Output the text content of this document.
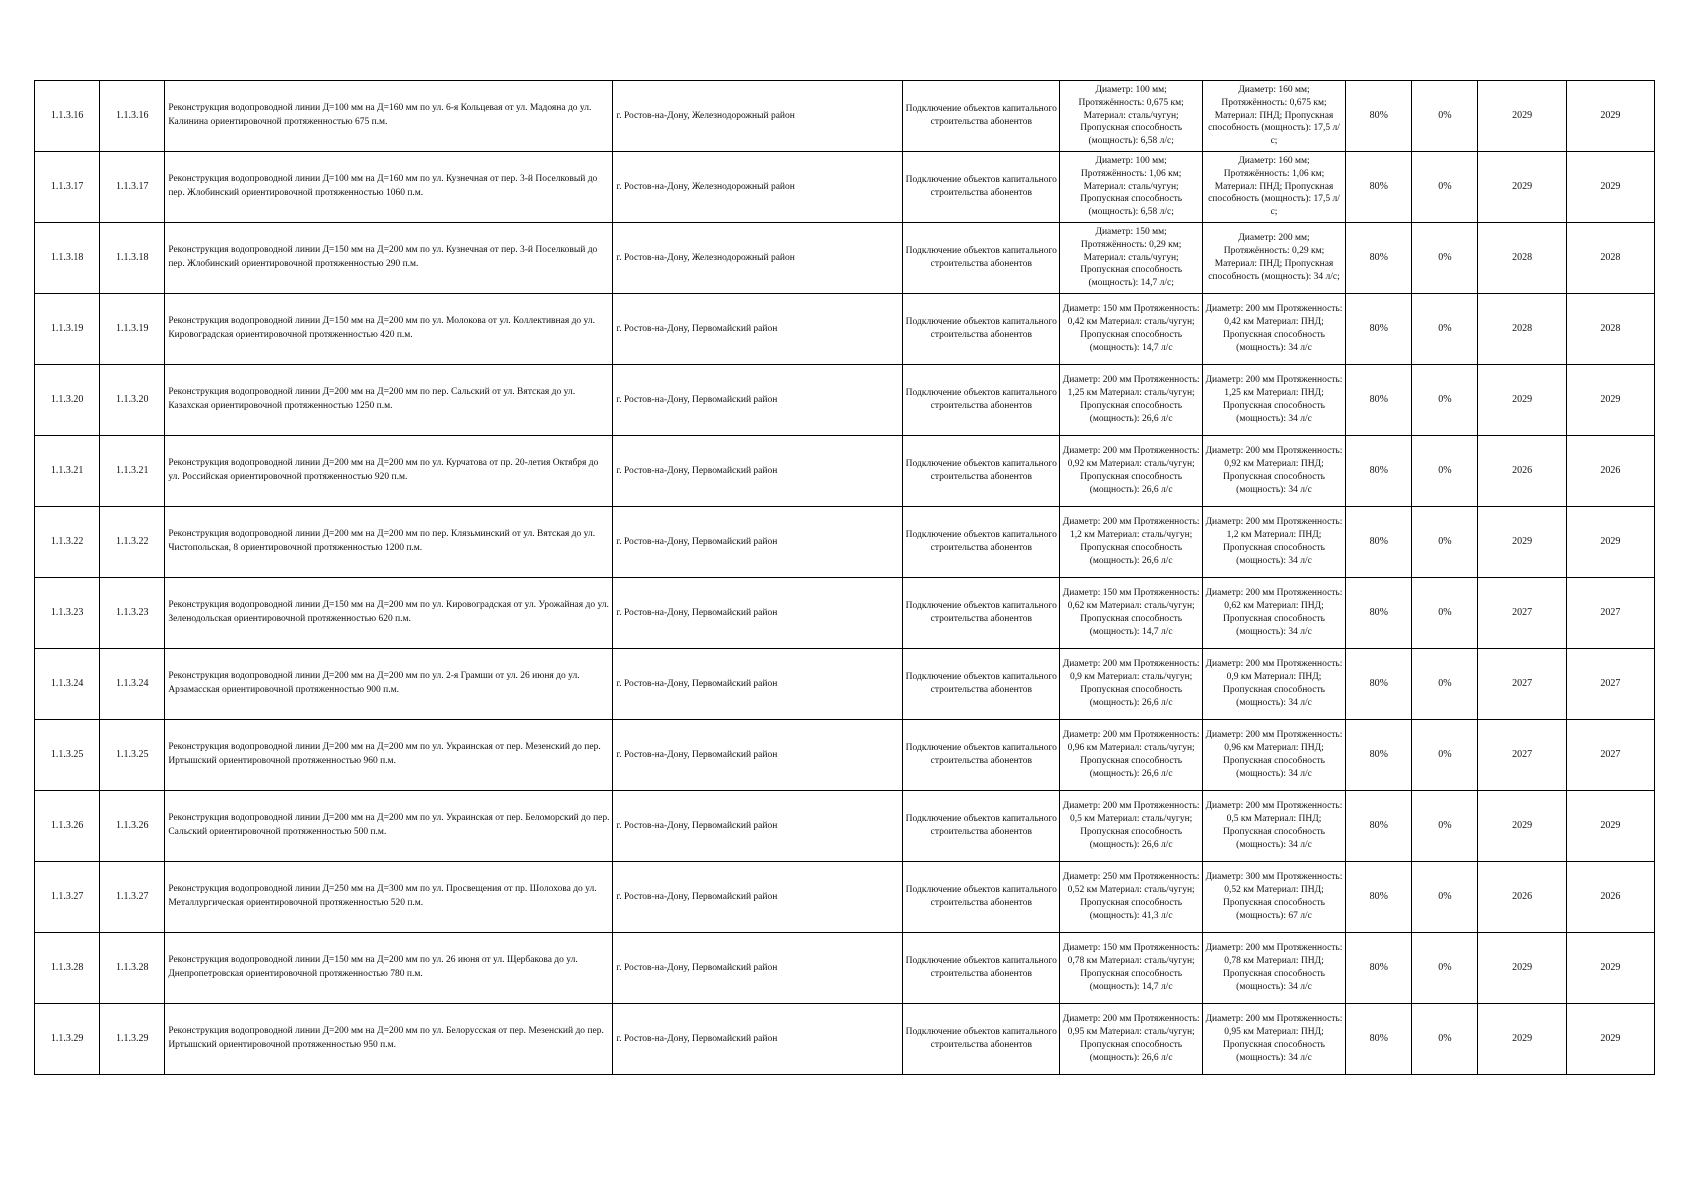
1.1.3.16	1.1.3.16	Реконструкция водопроводной линии Д=100 мм на Д=160 мм по ул. 6-я Кольцевая от ул. Мадояна до ул. Калинина ориентировочной протяженностью 675 п.м.	г. Ростов-на-Дону, Железнодорожный район	Подключение объектов капитального строительства абонентов	Диаметр: 100 мм; Протяжённость: 0,675 км; Материал: сталь/чугун; Пропускная способность (мощность): 6,58 л/с;	Диаметр: 160 мм; Протяжённость: 0,675 км; Материал: ПНД; Пропускная способность (мощность): 17,5 л/с;	80%	0%	2029	2029
1.1.3.17	1.1.3.17	Реконструкция водопроводной линии Д=100 мм на Д=160 мм по ул. Кузнечная от пер. 3-й Поселковый до пер. Жлобинский ориентировочной протяженностью 1060 п.м.	г. Ростов-на-Дону, Железнодорожный район	Подключение объектов капитального строительства абонентов	Диаметр: 100 мм; Протяжённость: 1,06 км; Материал: сталь/чугун; Пропускная способность (мощность): 6,58 л/с;	Диаметр: 160 мм; Протяжённость: 1,06 км; Материал: ПНД; Пропускная способность (мощность): 17,5 л/с;	80%	0%	2029	2029
1.1.3.18	1.1.3.18	Реконструкция водопроводной линии Д=150 мм на Д=200 мм по ул. Кузнечная от пер. 3-й Поселковый до пер. Жлобинский ориентировочной протяженностью 290 п.м.	г. Ростов-на-Дону, Железнодорожный район	Подключение объектов капитального строительства абонентов	Диаметр: 150 мм; Протяжённость: 0,29 км; Материал: сталь/чугун; Пропускная способность (мощность): 14,7 л/с;	Диаметр: 200 мм; Протяжённость: 0,29 км; Материал: ПНД; Пропускная способность (мощность): 34 л/с;	80%	0%	2028	2028
1.1.3.19	1.1.3.19	Реконструкция водопроводной линии Д=150 мм на Д=200 мм по ул. Молокова от ул. Коллективная до ул. Кировоградская ориентировочной протяженностью 420 п.м.	г. Ростов-на-Дону, Первомайский район	Подключение объектов капитального строительства абонентов	Диаметр: 150 мм Протяженность: 0,42 км Материал: сталь/чугун; Пропускная способность (мощность): 14,7 л/с	Диаметр: 200 мм Протяженность: 0,42 км Материал: ПНД; Пропускная способность (мощность): 34 л/с	80%	0%	2028	2028
1.1.3.20	1.1.3.20	Реконструкция водопроводной линии Д=200 мм на Д=200 мм по пер. Сальский от ул. Вятская до ул. Казахская ориентировочной протяженностью 1250 п.м.	г. Ростов-на-Дону, Первомайский район	Подключение объектов капитального строительства абонентов	Диаметр: 200 мм Протяженность: 1,25 км Материал: сталь/чугун; Пропускная способность (мощность): 26,6 л/с	Диаметр: 200 мм Протяженность: 1,25 км Материал: ПНД; Пропускная способность (мощность): 34 л/с	80%	0%	2029	2029
1.1.3.21	1.1.3.21	Реконструкция водопроводной линии Д=200 мм на Д=200 мм по ул. Курчатова от пр. 20-летия Октября до ул. Российская ориентировочной протяженностью 920 п.м.	г. Ростов-на-Дону, Первомайский район	Подключение объектов капитального строительства абонентов	Диаметр: 200 мм Протяженность: 0,92 км Материал: сталь/чугун; Пропускная способность (мощность): 26,6 л/с	Диаметр: 200 мм Протяженность: 0,92 км Материал: ПНД; Пропускная способность (мощность): 34 л/с	80%	0%	2026	2026
1.1.3.22	1.1.3.22	Реконструкция водопроводной линии Д=200 мм на Д=200 мм по пер. Клязьминский от ул. Вятская до ул. Чистопольская, 8 ориентировочной протяженностью 1200 п.м.	г. Ростов-на-Дону, Первомайский район	Подключение объектов капитального строительства абонентов	Диаметр: 200 мм Протяженность: 1,2 км Материал: сталь/чугун; Пропускная способность (мощность): 26,6 л/с	Диаметр: 200 мм Протяженность: 1,2 км Материал: ПНД; Пропускная способность (мощность): 34 л/с	80%	0%	2029	2029
1.1.3.23	1.1.3.23	Реконструкция водопроводной линии Д=150 мм на Д=200 мм по ул. Кировоградская от ул. Урожайная до ул. Зеленодольская ориентировочной протяженностью 620 п.м.	г. Ростов-на-Дону, Первомайский район	Подключение объектов капитального строительства абонентов	Диаметр: 150 мм Протяженность: 0,62 км Материал: сталь/чугун; Пропускная способность (мощность): 14,7 л/с	Диаметр: 200 мм Протяженность: 0,62 км Материал: ПНД; Пропускная способность (мощность): 34 л/с	80%	0%	2027	2027
1.1.3.24	1.1.3.24	Реконструкция водопроводной линии Д=200 мм на Д=200 мм по ул. 2-я Грамши от ул. 26 июня до ул. Арзамасская ориентировочной протяженностью 900 п.м.	г. Ростов-на-Дону, Первомайский район	Подключение объектов капитального строительства абонентов	Диаметр: 200 мм Протяженность: 0,9 км Материал: сталь/чугун; Пропускная способность (мощность): 26,6 л/с	Диаметр: 200 мм Протяженность: 0,9 км Материал: ПНД; Пропускная способность (мощность): 34 л/с	80%	0%	2027	2027
1.1.3.25	1.1.3.25	Реконструкция водопроводной линии Д=200 мм на Д=200 мм по ул. Украинская от пер. Мезенский до пер. Иртышский ориентировочной протяженностью 960 п.м.	г. Ростов-на-Дону, Первомайский район	Подключение объектов капитального строительства абонентов	Диаметр: 200 мм Протяженность: 0,96 км Материал: сталь/чугун; Пропускная способность (мощность): 26,6 л/с	Диаметр: 200 мм Протяженность: 0,96 км Материал: ПНД; Пропускная способность (мощность): 34 л/с	80%	0%	2027	2027
1.1.3.26	1.1.3.26	Реконструкция водопроводной линии Д=200 мм на Д=200 мм по ул. Украинская от пер. Беломорский до пер. Сальский ориентировочной протяженностью 500 п.м.	г. Ростов-на-Дону, Первомайский район	Подключение объектов капитального строительства абонентов	Диаметр: 200 мм Протяженность: 0,5 км Материал: сталь/чугун; Пропускная способность (мощность): 26,6 л/с	Диаметр: 200 мм Протяженность: 0,5 км Материал: ПНД; Пропускная способность (мощность): 34 л/с	80%	0%	2029	2029
1.1.3.27	1.1.3.27	Реконструкция водопроводной линии Д=250 мм на Д=300 мм по ул. Просвещения от пр. Шолохова до ул. Металлургическая ориентировочной протяженностью 520 п.м.	г. Ростов-на-Дону, Первомайский район	Подключение объектов капитального строительства абонентов	Диаметр: 250 мм Протяженность: 0,52 км Материал: сталь/чугун; Пропускная способность (мощность): 41,3 л/с	Диаметр: 300 мм Протяженность: 0,52 км Материал: ПНД; Пропускная способность (мощность): 67 л/с	80%	0%	2026	2026
1.1.3.28	1.1.3.28	Реконструкция водопроводной линии Д=150 мм на Д=200 мм по ул. 26 июня от ул. Щербакова до ул. Днепропетровская ориентировочной протяженностью 780 п.м.	г. Ростов-на-Дону, Первомайский район	Подключение объектов капитального строительства абонентов	Диаметр: 150 мм Протяженность: 0,78 км Материал: сталь/чугун; Пропускная способность (мощность): 14,7 л/с	Диаметр: 200 мм Протяженность: 0,78 км Материал: ПНД; Пропускная способность (мощность): 34 л/с	80%	0%	2029	2029
1.1.3.29	1.1.3.29	Реконструкция водопроводной линии Д=200 мм на Д=200 мм по ул. Белорусская от пер. Мезенский до пер. Иртышский ориентировочной протяженностью 950 п.м.	г. Ростов-на-Дону, Первомайский район	Подключение объектов капитального строительства абонентов	Диаметр: 200 мм Протяженность: 0,95 км Материал: сталь/чугун; Пропускная способность (мощность): 26,6 л/с	Диаметр: 200 мм Протяженность: 0,95 км Материал: ПНД; Пропускная способность (мощность): 34 л/с	80%	0%	2029	2029
